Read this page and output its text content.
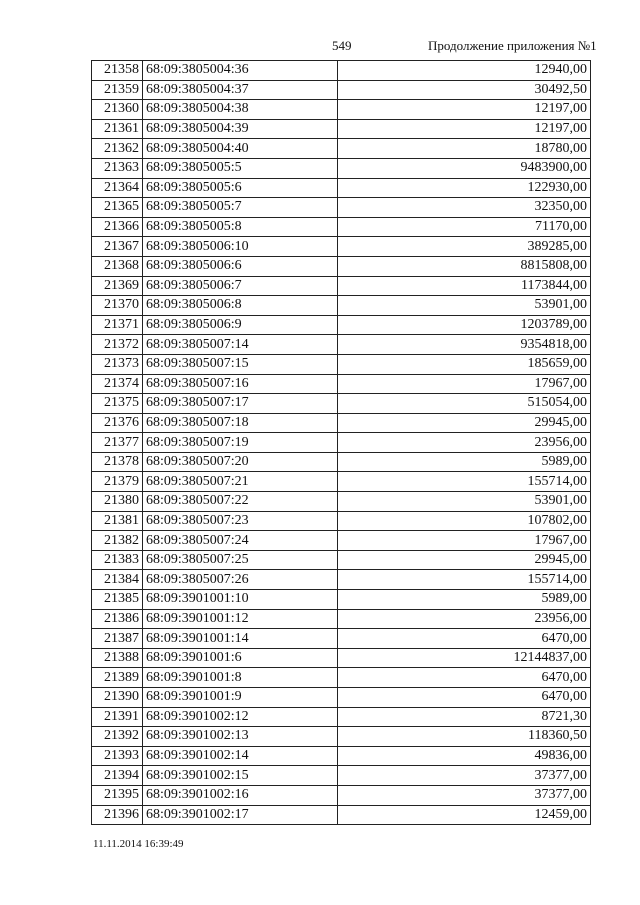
549	Продолжение приложения №1
21358	68:09:3805004:36	12940,00
21359	68:09:3805004:37	30492,50
21360	68:09:3805004:38	12197,00
21361	68:09:3805004:39	12197,00
21362	68:09:3805004:40	18780,00
21363	68:09:3805005:5	9483900,00
21364	68:09:3805005:6	122930,00
21365	68:09:3805005:7	32350,00
21366	68:09:3805005:8	71170,00
21367	68:09:3805006:10	389285,00
21368	68:09:3805006:6	8815808,00
21369	68:09:3805006:7	1173844,00
21370	68:09:3805006:8	53901,00
21371	68:09:3805006:9	1203789,00
21372	68:09:3805007:14	9354818,00
21373	68:09:3805007:15	185659,00
21374	68:09:3805007:16	17967,00
21375	68:09:3805007:17	515054,00
21376	68:09:3805007:18	29945,00
21377	68:09:3805007:19	23956,00
21378	68:09:3805007:20	5989,00
21379	68:09:3805007:21	155714,00
21380	68:09:3805007:22	53901,00
21381	68:09:3805007:23	107802,00
21382	68:09:3805007:24	17967,00
21383	68:09:3805007:25	29945,00
21384	68:09:3805007:26	155714,00
21385	68:09:3901001:10	5989,00
21386	68:09:3901001:12	23956,00
21387	68:09:3901001:14	6470,00
21388	68:09:3901001:6	12144837,00
21389	68:09:3901001:8	6470,00
21390	68:09:3901001:9	6470,00
21391	68:09:3901002:12	8721,30
21392	68:09:3901002:13	118360,50
21393	68:09:3901002:14	49836,00
21394	68:09:3901002:15	37377,00
21395	68:09:3901002:16	37377,00
21396	68:09:3901002:17	12459,00
11.11.2014 16:39:49
